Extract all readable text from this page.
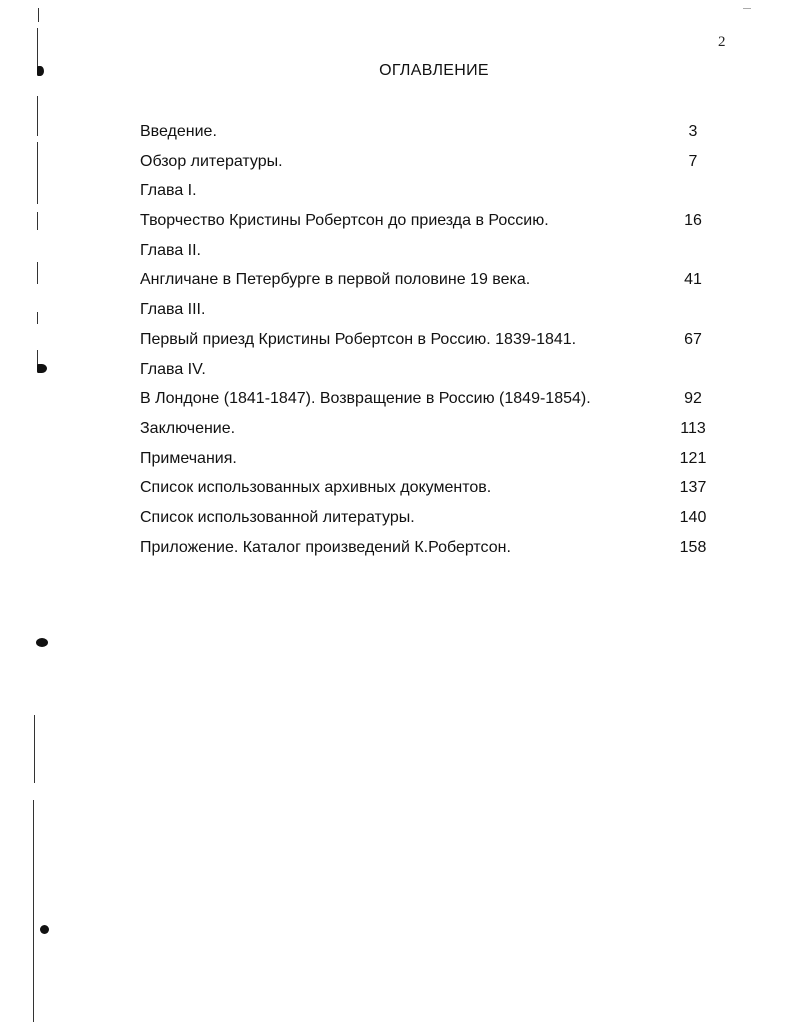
2
ОГЛАВЛЕНИЕ
Введение.	3
Обзор литературы.	7
Глава I.
Творчество Кристины Робертсон до приезда в Россию.	16
Глава II.
Англичане в Петербурге в первой половине 19 века.	41
Глава III.
Первый приезд Кристины Робертсон в Россию. 1839-1841.	67
Глава IV.
В Лондоне (1841-1847). Возвращение в Россию (1849-1854).	92
Заключение.	113
Примечания.	121
Список использованных архивных документов.	137
Список использованной литературы.	140
Приложение. Каталог произведений К.Робертсон.	158
